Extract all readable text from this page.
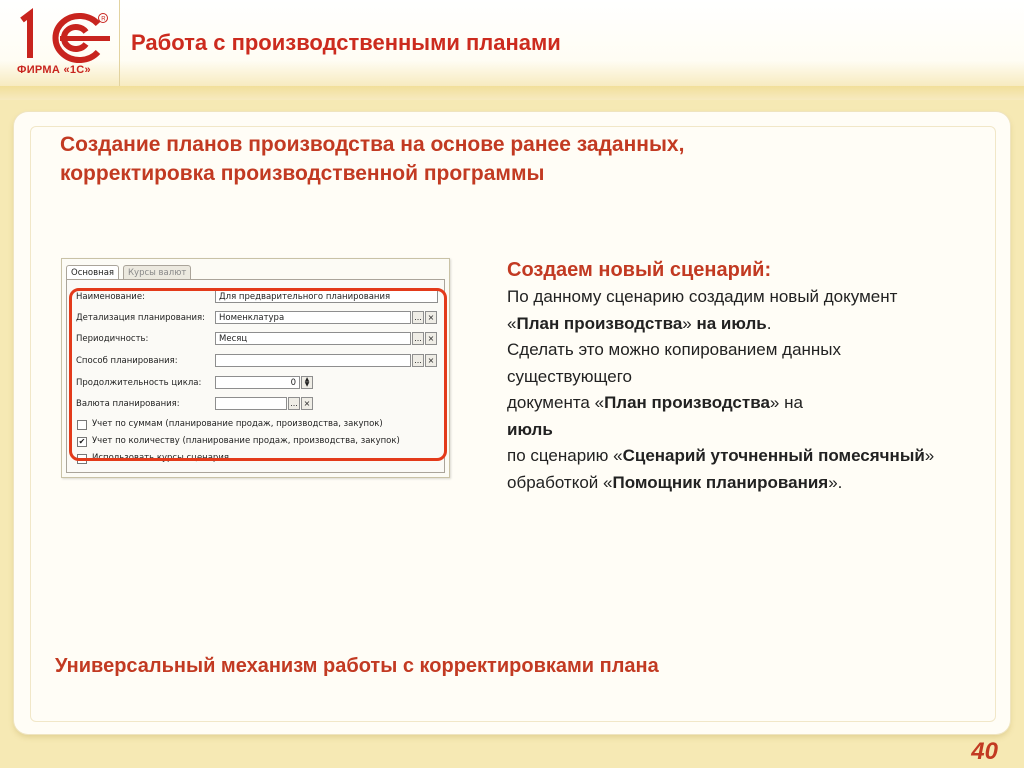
R
ФИРМА «1С»
Работа с производственными планами
Создание планов производства на основе ранее заданных, корректировка производственной программы
Основная	Курсы валют
Наименование:	Для предварительного планирования
Детализация планирования:	Номенклатура	... ×
Периодичность:	Месяц	... ×
Способ планирования:	... ×
Продолжительность цикла:	0	▲
▼
Валюта планирования:	... ×
Учет по суммам (планирование продаж, производства, закупок)
✔ Учет по количеству (планирование продаж, производства, закупок)
Использовать курсы сценария
Создаем новый сценарий:
По данному сценарию создадим новый документ
«План производства» на июль.
Сделать это можно копированием данных существующего
документа «План производства» на
июль
по сценарию «Сценарий уточненный помесячный»
обработкой «Помощник планирования».
Универсальный механизм работы с корректировками плана
40
